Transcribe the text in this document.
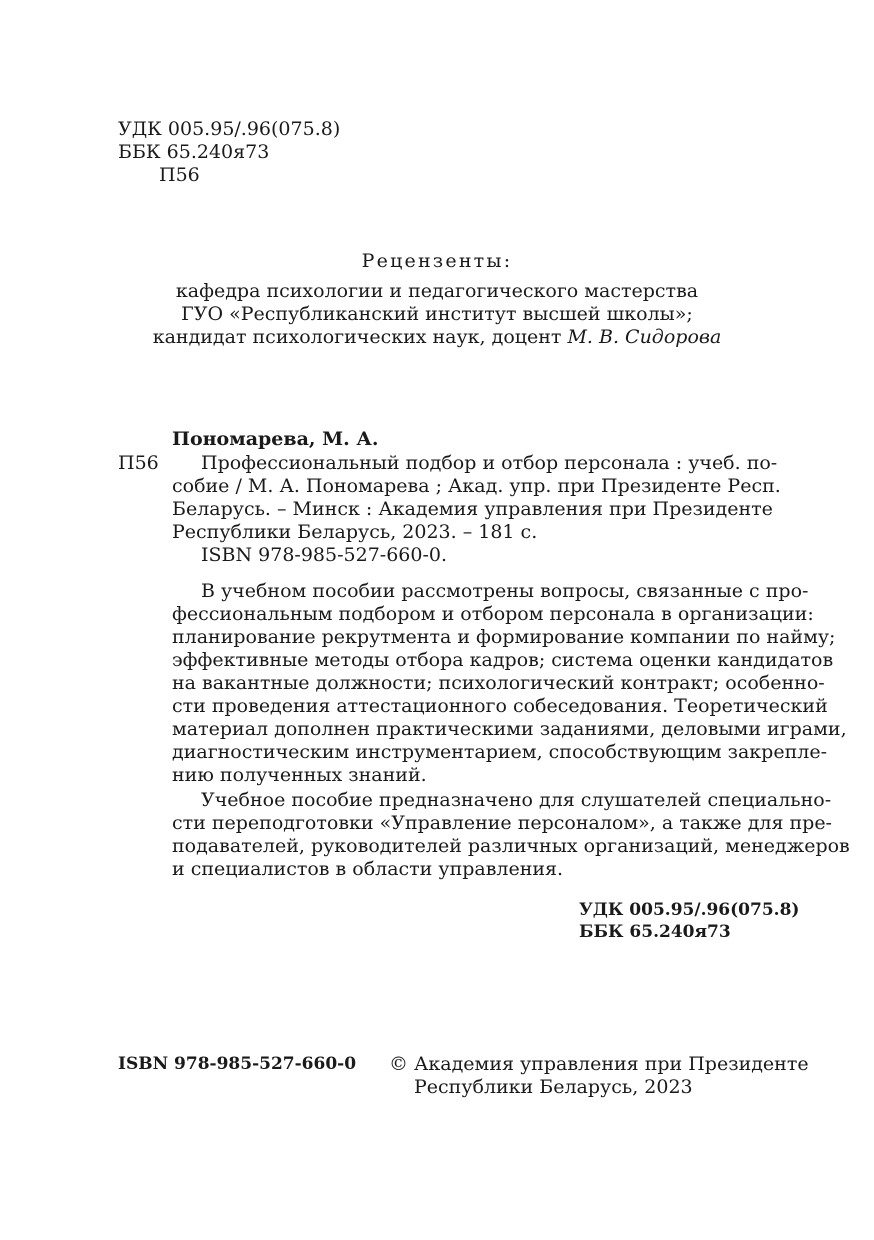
УДК 005.95/.96(075.8)
ББК 65.240я73
П56
Рецензенты:
кафедра психологии и педагогического мастерства
ГУО «Республиканский институт высшей школы»;
кандидат психологических наук, доцент М. В. Сидорова
Пономарева, М. А.
П56 Профессиональный подбор и отбор персонала : учеб. по-
собие / М. А. Пономарева ; Акад. упр. при Президенте Респ.
Беларусь. – Минск : Академия управления при Президенте
Республики Беларусь, 2023. – 181 с.
ISBN 978-985-527-660-0.
В учебном пособии рассмотрены вопросы, связанные с про-
фессиональным подбором и отбором персонала в организации:
планирование рекрутмента и формирование компании по найму;
эффективные методы отбора кадров; система оценки кандидатов
на вакантные должности; психологический контракт; особенно-
сти проведения аттестационного собеседования. Теоретический
материал дополнен практическими заданиями, деловыми играми,
диагностическим инструментарием, способствующим закрепле-
нию полученных знаний.
Учебное пособие предназначено для слушателей специально-
сти переподготовки «Управление персоналом», а также для пре-
подавателей, руководителей различных организаций, менеджеров
и специалистов в области управления.
УДК 005.95/.96(075.8)
ББК 65.240я73
ISBN 978-985-527-660-0 © Академия управления при Президенте
Республики Беларусь, 2023
